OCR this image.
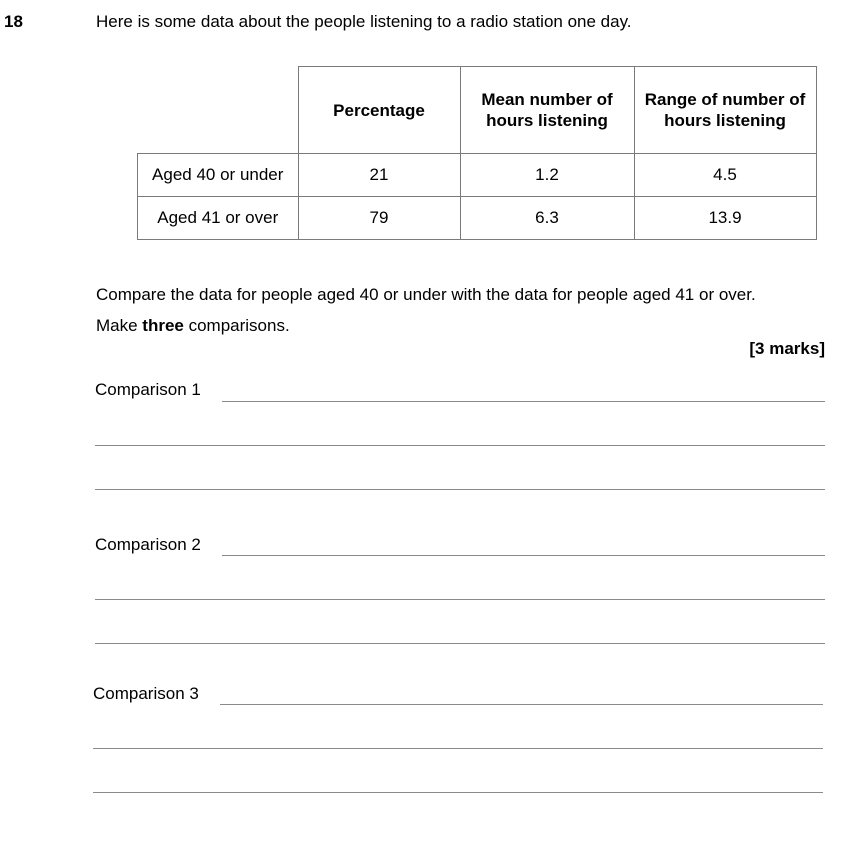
18	Here is some data about the people listening to a radio station one day.
	Percentage	Mean number of hours listening	Range of number of hours listening
Aged 40 or under	21	1.2	4.5
Aged 41 or over	79	6.3	13.9
Compare the data for people aged 40 or under with the data for people aged 41 or over.
Make three comparisons.
[3 marks]
Comparison 1
Comparison 2
Comparison 3
